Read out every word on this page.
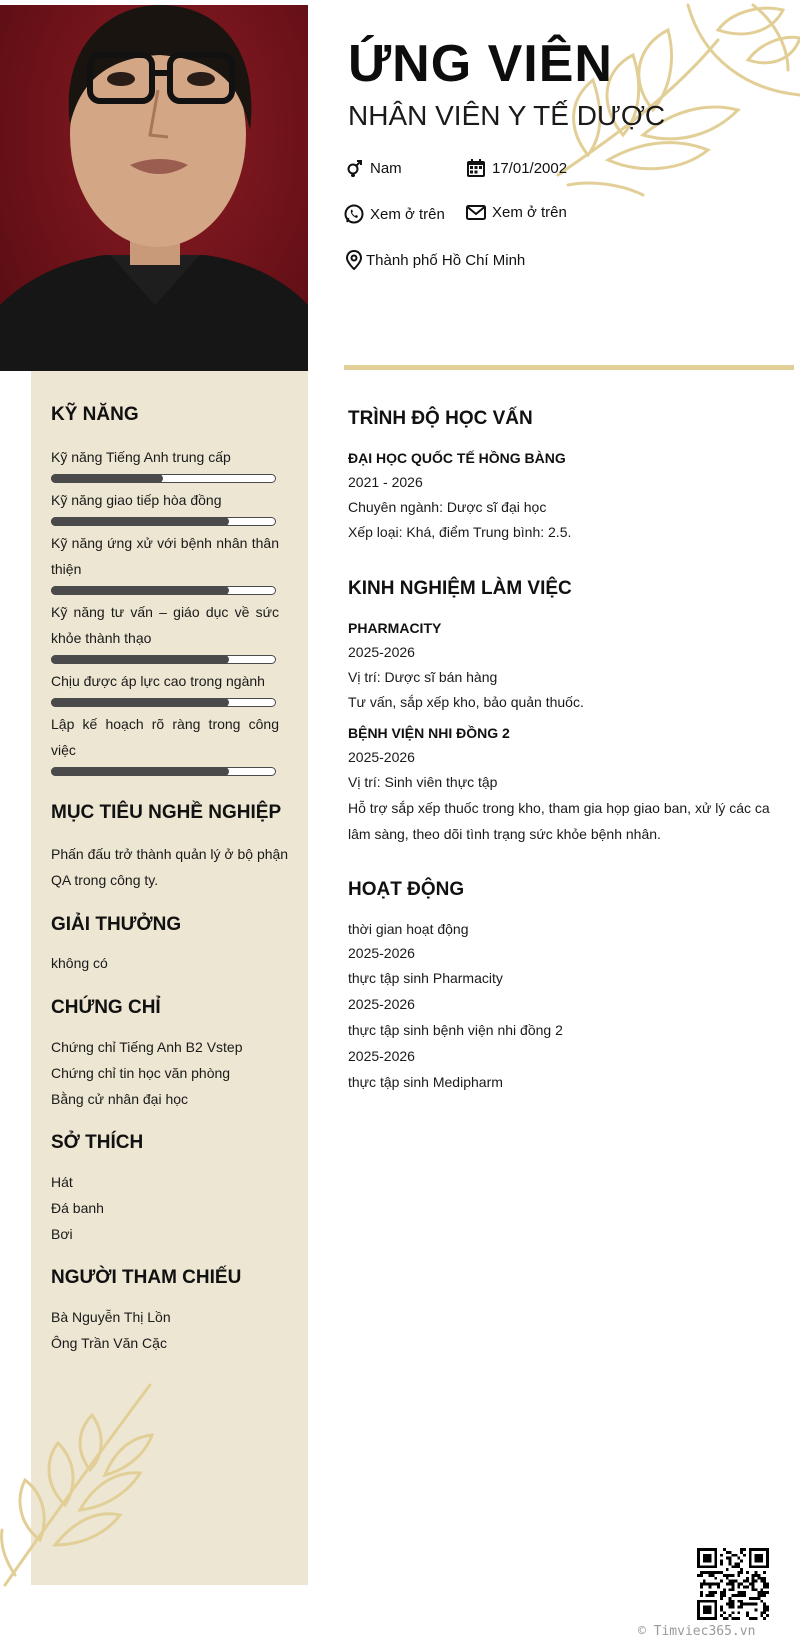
ỨNG VIÊN
NHÂN VIÊN Y TẾ DƯỢC
Nam	17/01/2002
Xem ở trên	Xem ở trên
Thành phố Hồ Chí Minh
KỸ NĂNG
Kỹ năng Tiếng Anh trung cấp
Kỹ năng giao tiếp hòa đồng
Kỹ năng ứng xử với bệnh nhân thân thiện
Kỹ năng tư vấn – giáo dục về sức khỏe thành thạo
Chịu được áp lực cao trong ngành
Lập kế hoạch rõ ràng trong công việc
MỤC TIÊU NGHỀ NGHIỆP
Phấn đấu trở thành quản lý ở bộ phận QA trong công ty.
GIẢI THƯỞNG
không có
CHỨNG CHỈ
Chứng chỉ Tiếng Anh B2 Vstep
Chứng chỉ tin học văn phòng
Bằng cử nhân đại học
SỞ THÍCH
Hát
Đá banh
Bơi
NGƯỜI THAM CHIẾU
Bà Nguyễn Thị Lồn
Ông Trần Văn Cặc
TRÌNH ĐỘ HỌC VẤN
ĐẠI HỌC QUỐC TẾ HỒNG BÀNG
2021 - 2026
Chuyên ngành: Dược sĩ đại học
Xếp loại: Khá, điểm Trung bình: 2.5.
KINH NGHIỆM LÀM VIỆC
PHARMACITY
2025-2026
Vị trí: Dược sĩ bán hàng
Tư vấn, sắp xếp kho, bảo quản thuốc.
BỆNH VIỆN NHI ĐỒNG 2
2025-2026
Vị trí: Sinh viên thực tập
Hỗ trợ sắp xếp thuốc trong kho, tham gia họp giao ban, xử lý các ca lâm sàng, theo dõi tình trạng sức khỏe bệnh nhân.
HOẠT ĐỘNG
thời gian hoạt động
2025-2026
thực tập sinh Pharmacity
2025-2026
thực tập sinh bệnh viện nhi đồng 2
2025-2026
thực tập sinh Medipharm
© Timviec365.vn
